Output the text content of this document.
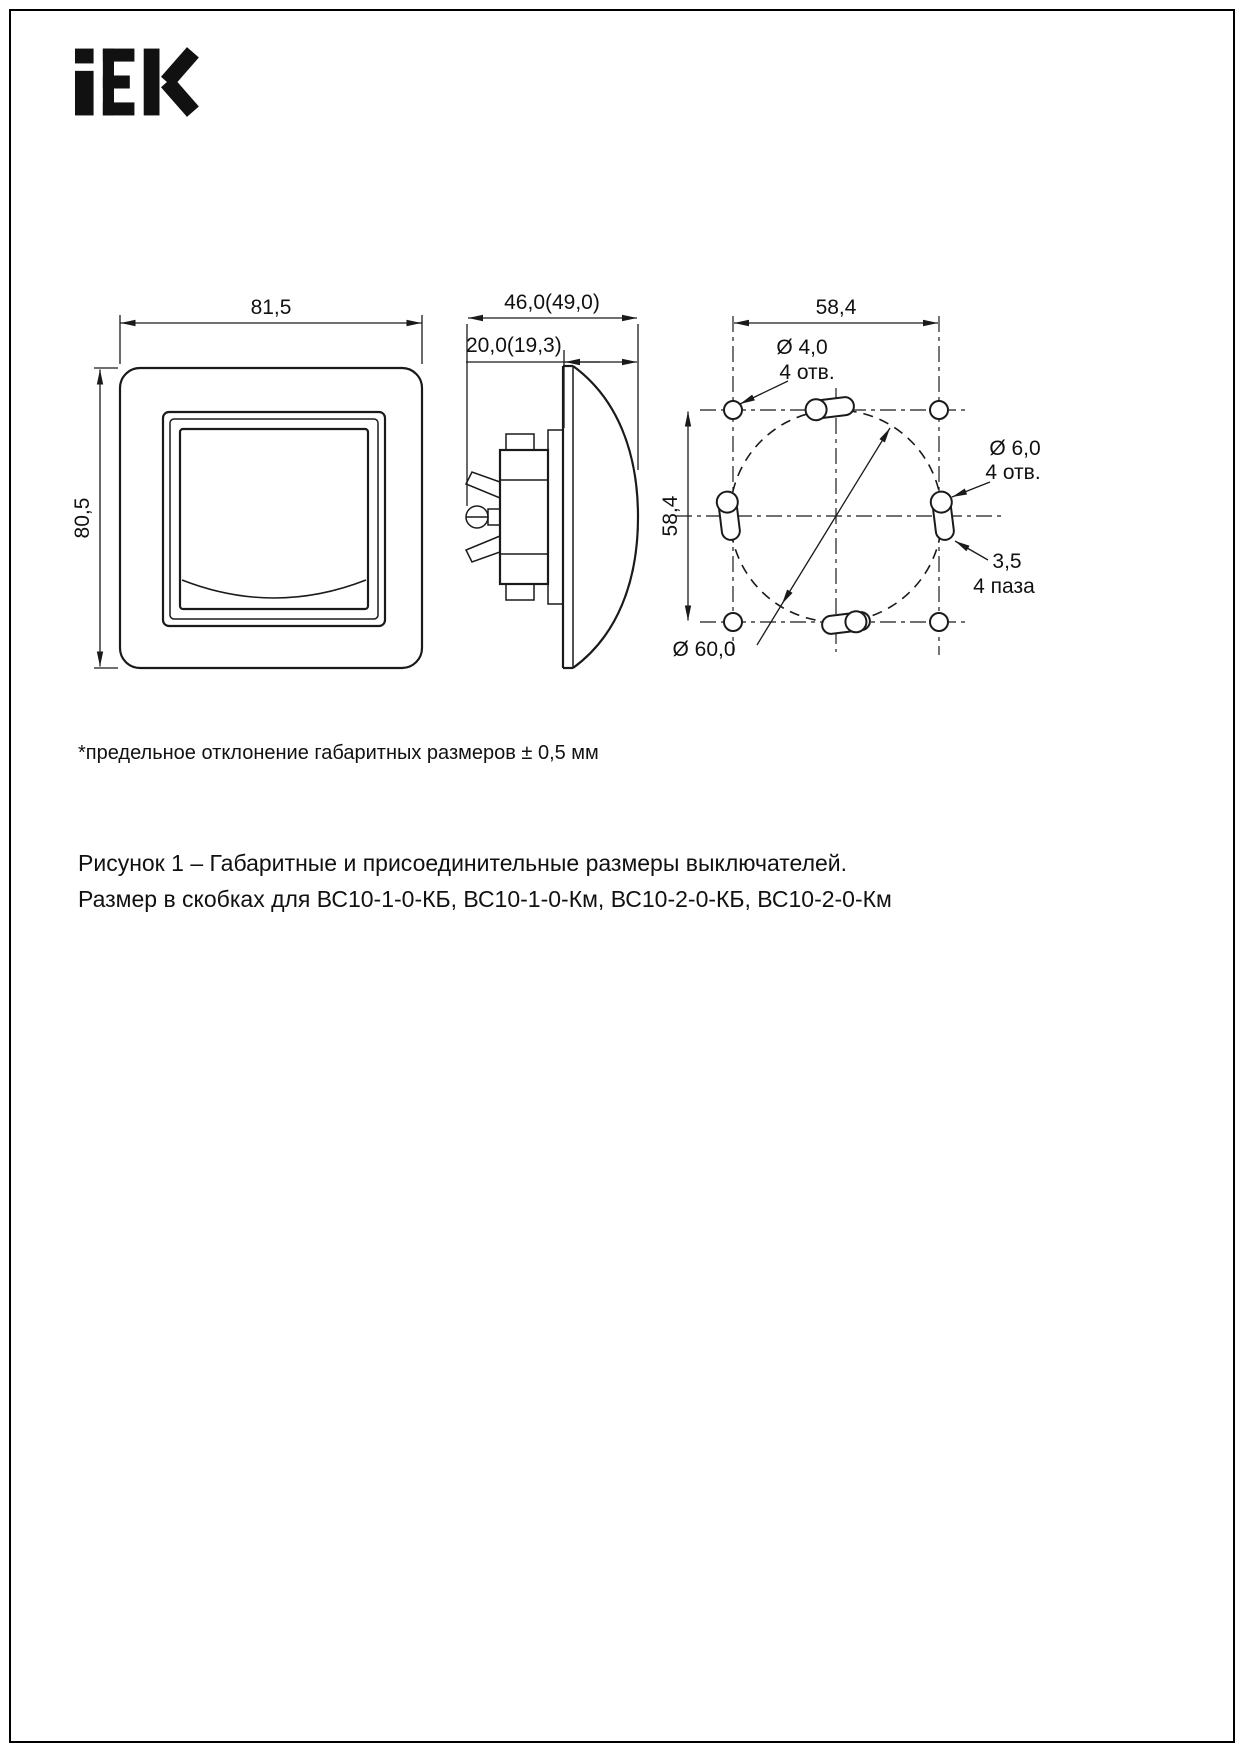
81,5
80,5
46,0(49,0)
20,0(19,3)
58,4
58,4
Ø 60,0
Ø 4,0
4 отв.
Ø 6,0
4 отв.
3,5
4 паза
*предельное отклонение габаритных размеров ± 0,5 мм
Рисунок 1 – Габаритные и присоединительные размеры выключателей.
Размер в скобках для ВС10-1-0-КБ, ВС10-1-0-Км, ВС10-2-0-КБ, ВС10-2-0-Км
